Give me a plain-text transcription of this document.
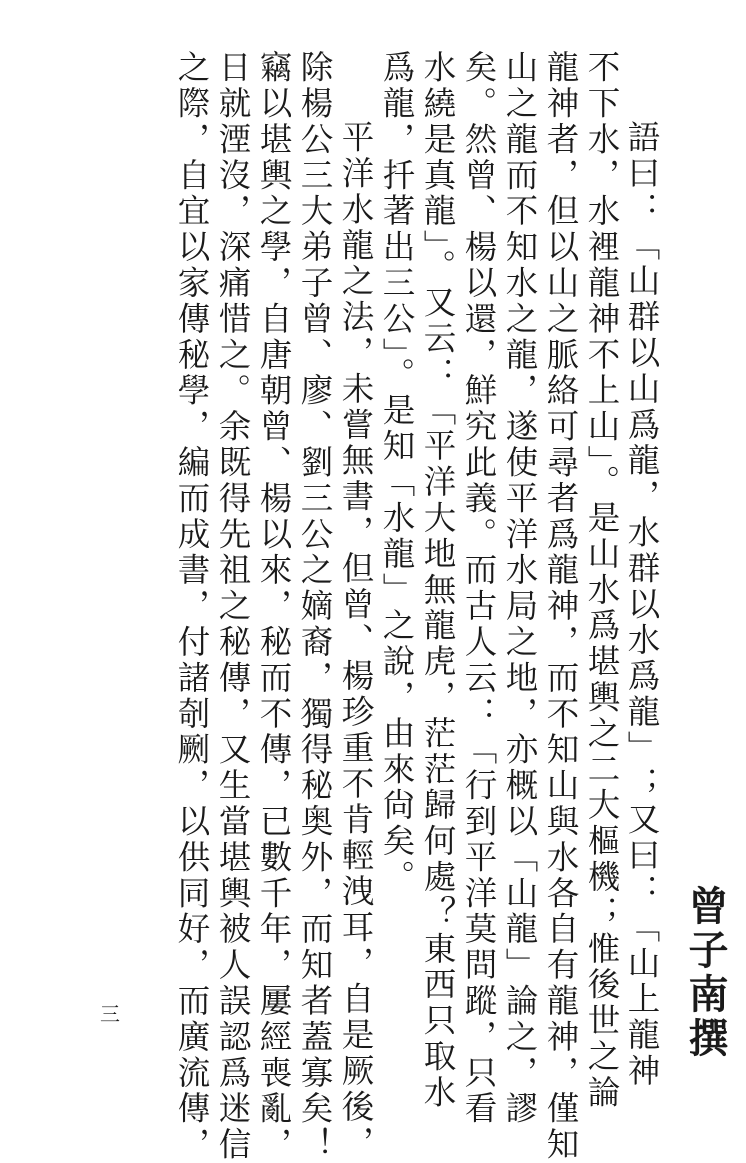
曾子南撰
語曰：「山群以山爲龍，水群以水爲龍」；又曰：「山上龍神
不下水，水裡龍神不上山」。是山水爲堪輿之二大樞機；惟後世之論
龍神者，但以山之脈絡可尋者爲龍神，而不知山與水各自有龍神，僅知
山之龍而不知水之龍，遂使平洋水局之地，亦概以「山龍」論之，謬
矣。然曾、楊以還，鮮究此義。而古人云：「行到平洋莫問蹤，只看
水繞是真龍」。又云：「平洋大地無龍虎，茫茫歸何處？東西只取水
爲龍，扦著出三公」。是知「水龍」之說，由來尙矣。
平洋水龍之法，未嘗無書，但曾、楊珍重不肯輕洩耳，自是厥後，
除楊公三大弟子曾、廖、劉三公之嫡裔，獨得秘奥外，而知者蓋寡矣！
竊以堪輿之學，自唐朝曾、楊以來，秘而不傳，已數千年，屢經喪亂，
日就湮沒，深痛惜之。余既得先祖之秘傳，又生當堪輿被人誤認爲迷信
之際，自宜以家傳秘學，編而成書，付諸剞劂，以供同好，而廣流傳，
三
